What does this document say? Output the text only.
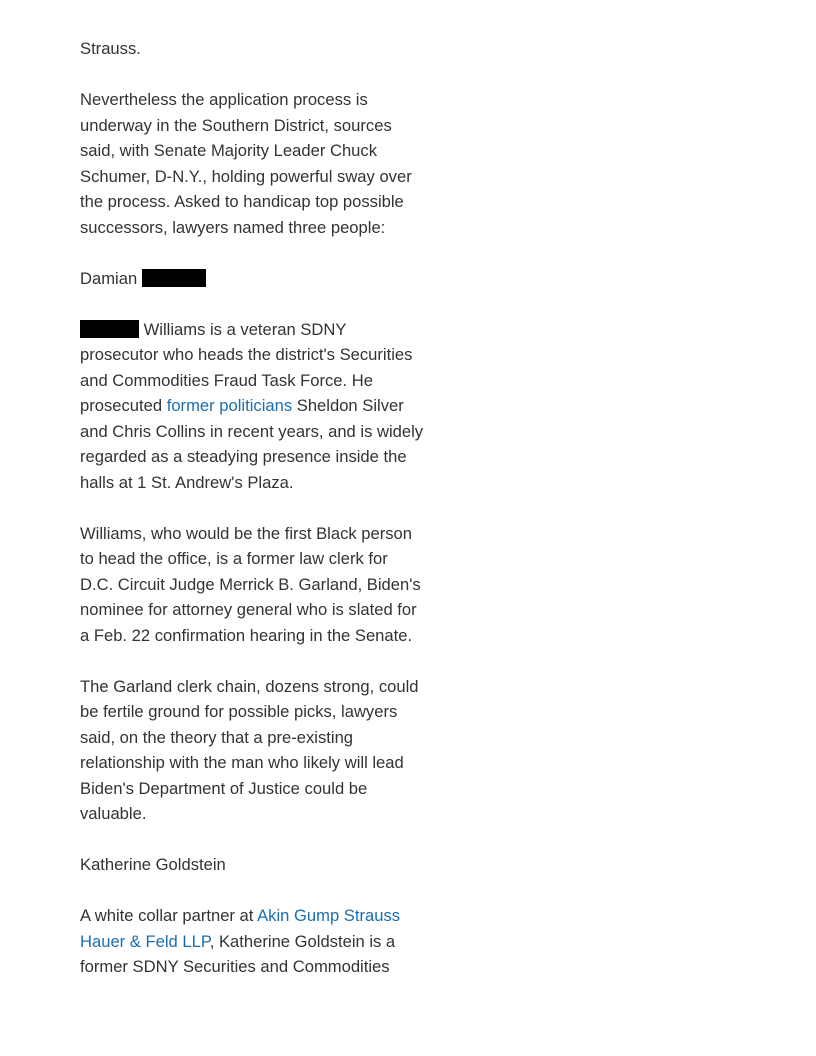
Strauss.

Nevertheless the application process is underway in the Southern District, sources said, with Senate Majority Leader Chuck Schumer, D-N.Y., holding powerful sway over the process. Asked to handicap top possible successors, lawyers named three people:

Damian

Williams is a veteran SDNY prosecutor who heads the district's Securities and Commodities Fraud Task Force. He prosecuted former politicians Sheldon Silver and Chris Collins in recent years, and is widely regarded as a steadying presence inside the halls at 1 St. Andrew's Plaza.

Williams, who would be the first Black person to head the office, is a former law clerk for D.C. Circuit Judge Merrick B. Garland, Biden's nominee for attorney general who is slated for a Feb. 22 confirmation hearing in the Senate.

The Garland clerk chain, dozens strong, could be fertile ground for possible picks, lawyers said, on the theory that a pre-existing relationship with the man who likely will lead Biden's Department of Justice could be valuable.

Katherine Goldstein

A white collar partner at Akin Gump Strauss Hauer & Feld LLP, Katherine Goldstein is a former SDNY Securities and Commodities
